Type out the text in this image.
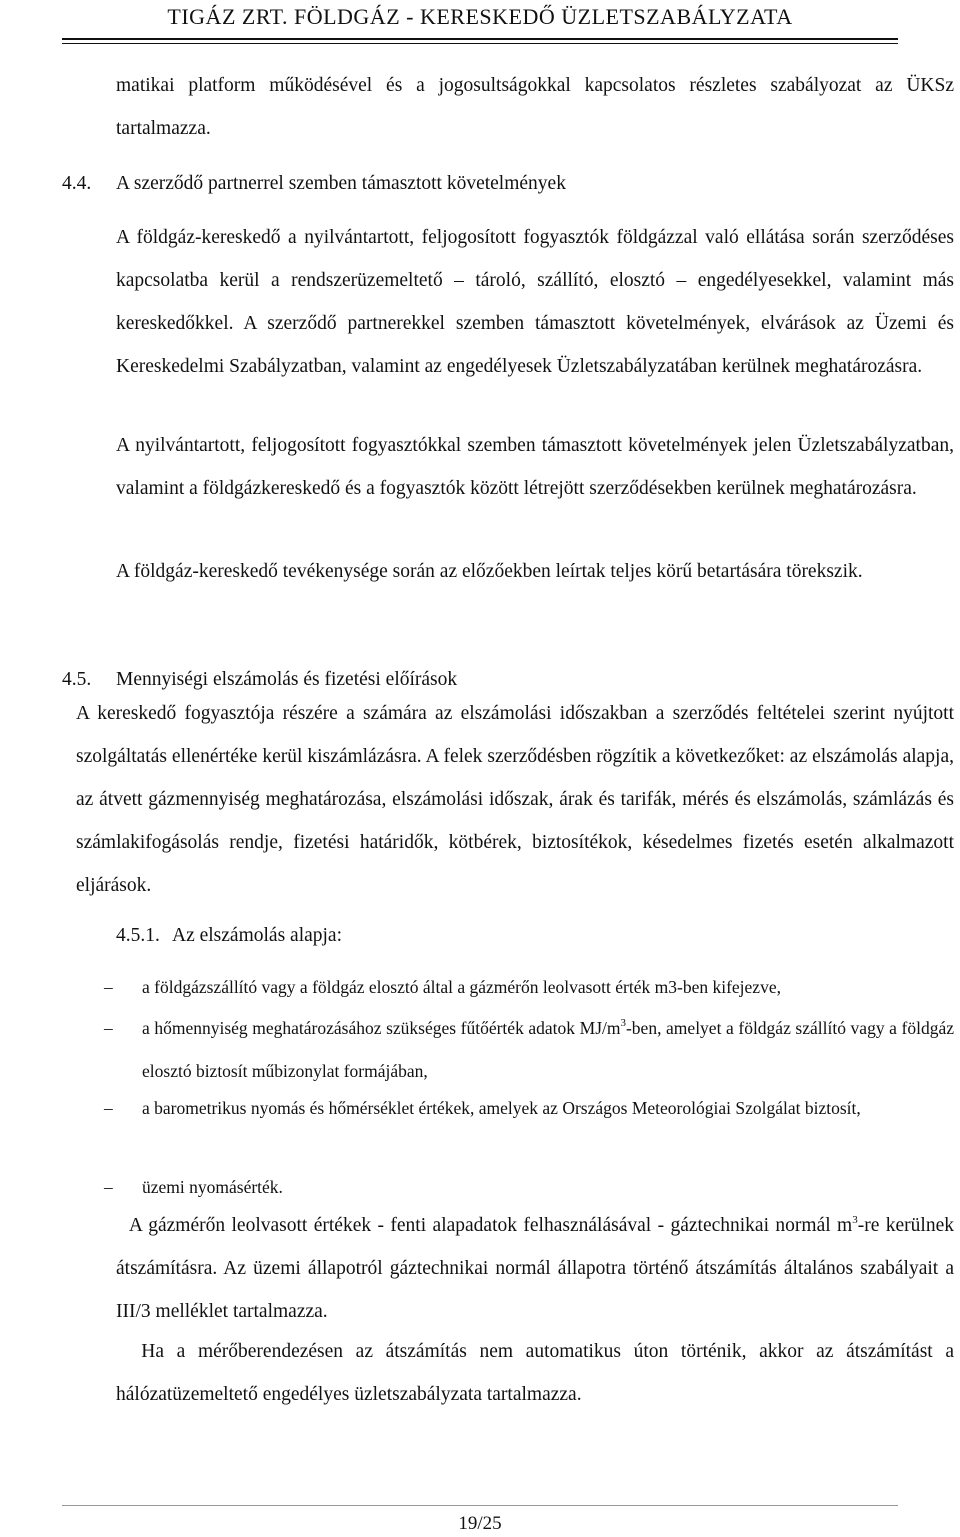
TIGÁZ ZRT. FÖLDGÁZ - KERESKEDŐ ÜZLETSZABÁLYZATA
matikai platform működésével és a jogosultságokkal kapcsolatos részletes szabályozat az ÜKSz tartalmazza.
4.4. A szerződő partnerrel szemben támasztott követelmények
A földgáz-kereskedő a nyilvántartott, feljogosított fogyasztók földgázzal való ellátása során szerződéses kapcsolatba kerül a rendszerüzemeltető – tároló, szállító, elosztó – engedélyesekkel, valamint más kereskedőkkel. A szerződő partnerekkel szemben támasztott követelmények, elvárások az Üzemi és Kereskedelmi Szabályzatban, valamint az engedélyesek Üzletszabályzatában kerülnek meghatározásra.
A nyilvántartott, feljogosított fogyasztókkal szemben támasztott követelmények jelen Üzletszabályzatban, valamint a földgázkereskedő és a fogyasztók között létrejött szerződésekben kerülnek meghatározásra.
A földgáz-kereskedő tevékenysége során az előzőekben leírtak teljes körű betartására törekszik.
4.5. Mennyiségi elszámolás és fizetési előírások
A kereskedő fogyasztója részére a számára az elszámolási időszakban a szerződés feltételei szerint nyújtott szolgáltatás ellenértéke kerül kiszámlázásra. A felek szerződésben rögzítik a következőket: az elszámolás alapja, az átvett gázmennyiség meghatározása, elszámolási időszak, árak és tarifák, mérés és elszámolás, számlázás és számlakifogásolás rendje, fizetési határidők, kötbérek, biztosítékok, késedelmes fizetés esetén alkalmazott eljárások.
4.5.1. Az elszámolás alapja:
–	a földgázszállító vagy a földgáz elosztó által a gázmérőn leolvasott érték m3-ben kifejezve,
–	a hőmennyiség meghatározásához szükséges fűtőérték adatok $MJ/m^3$-ben, amelyet a földgáz szállító vagy a földgáz elosztó biztosít műbizonylat formájában,
–	a barometrikus nyomás és hőmérséklet értékek, amelyek az Országos Meteorológiai Szolgálat biztosít,
–	üzemi nyomásérték.
A gázmérőn leolvasott értékek - fenti alapadatok felhasználásával - gáztechnikai normál $m^3-re$ kerülnek átszámításra. Az üzemi állapotról gáztechnikai normál állapotra történő átszámítás általános szabályait a III/3 melléklet tartalmazza.
Ha a mérőberendezésen az átszámítás nem automatikus úton történik, akkor az átszámítást a hálózatüzemeltető engedélyes üzletszabályzata tartalmazza.
19/25
